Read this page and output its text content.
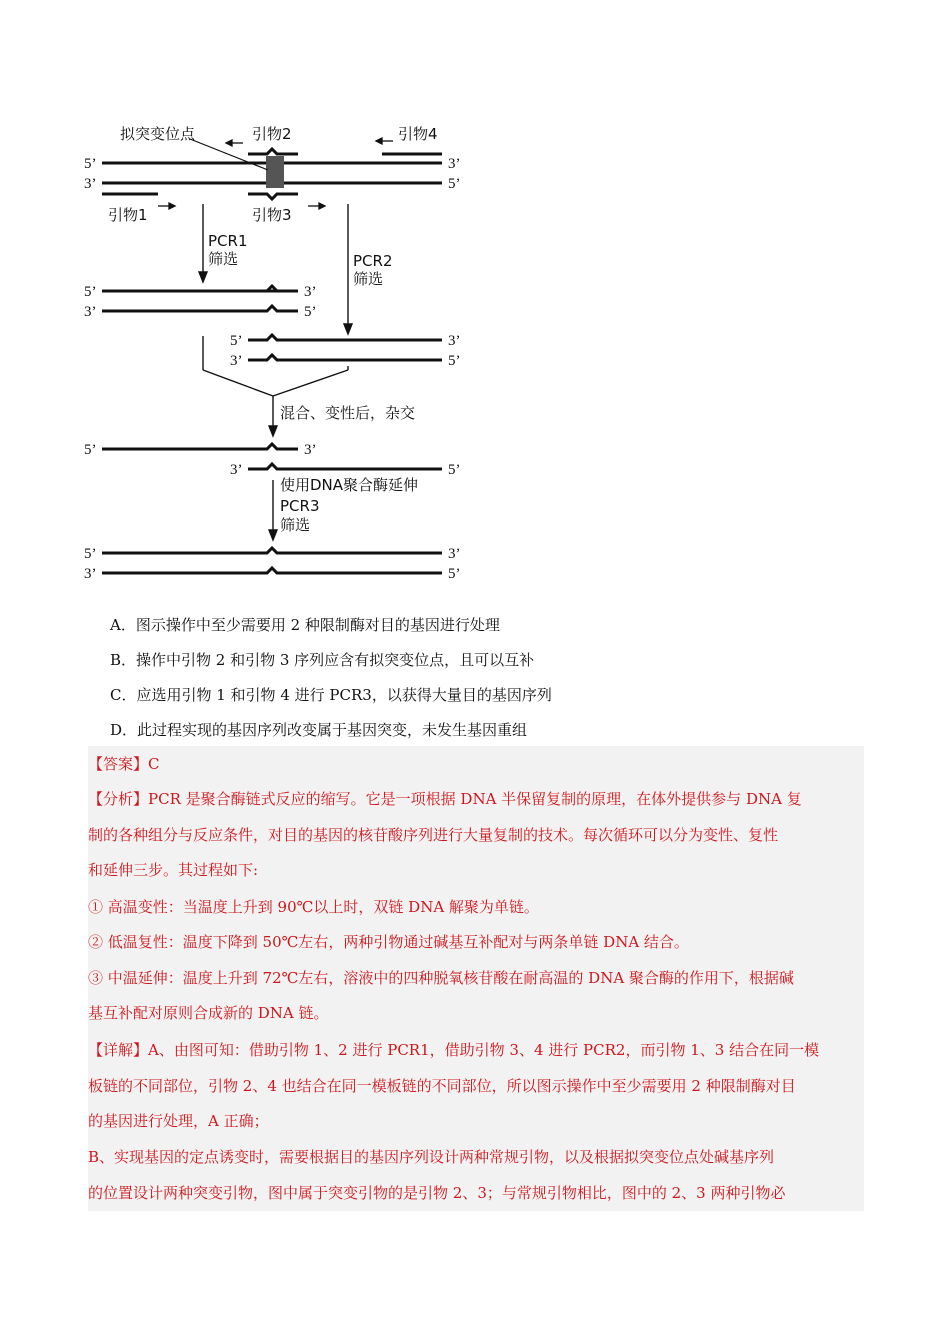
拟突变位点	引物2	引物4
5’	3’
3’	5’
引物1	引物3
PCR1
筛选	PCR2
筛选
5’	3’
3’	5’
5’	3’
3’	5’
混合、变性后，杂交
5’	3’
3’	5’
使用DNA聚合酶延伸
PCR3
筛选
5’	3’
3’	5’
A．图示操作中至少需要用 2 种限制酶对目的基因进行处理
B．操作中引物 2 和引物 3 序列应含有拟突变位点，且可以互补
C．应选用引物 1 和引物 4 进行 PCR3，以获得大量目的基因序列
D．此过程实现的基因序列改变属于基因突变，未发生基因重组
【答案】C
【分析】PCR 是聚合酶链式反应的缩写。它是一项根据 DNA 半保留复制的原理，在体外提供参与 DNA 复
制的各种组分与反应条件，对目的基因的核苷酸序列进行大量复制的技术。每次循环可以分为变性、复性
和延伸三步。其过程如下:
① 高温变性：当温度上升到 90℃以上时，双链 DNA 解聚为单链。
② 低温复性：温度下降到 50℃左右，两种引物通过碱基互补配对与两条单链 DNA 结合。
③ 中温延伸：温度上升到 72℃左右，溶液中的四种脱氧核苷酸在耐高温的 DNA 聚合酶的作用下，根据碱
基互补配对原则合成新的 DNA 链。
【详解】A、由图可知：借助引物 1、2 进行 PCR1，借助引物 3、4 进行 PCR2，而引物 1、3 结合在同一模
板链的不同部位，引物 2、4 也结合在同一模板链的不同部位，所以图示操作中至少需要用 2 种限制酶对目
的基因进行处理，A 正确；
B、实现基因的定点诱变时，需要根据目的基因序列设计两种常规引物，以及根据拟突变位点处碱基序列
的位置设计两种突变引物，图中属于突变引物的是引物 2、3；与常规引物相比，图中的 2、3 两种引物必
